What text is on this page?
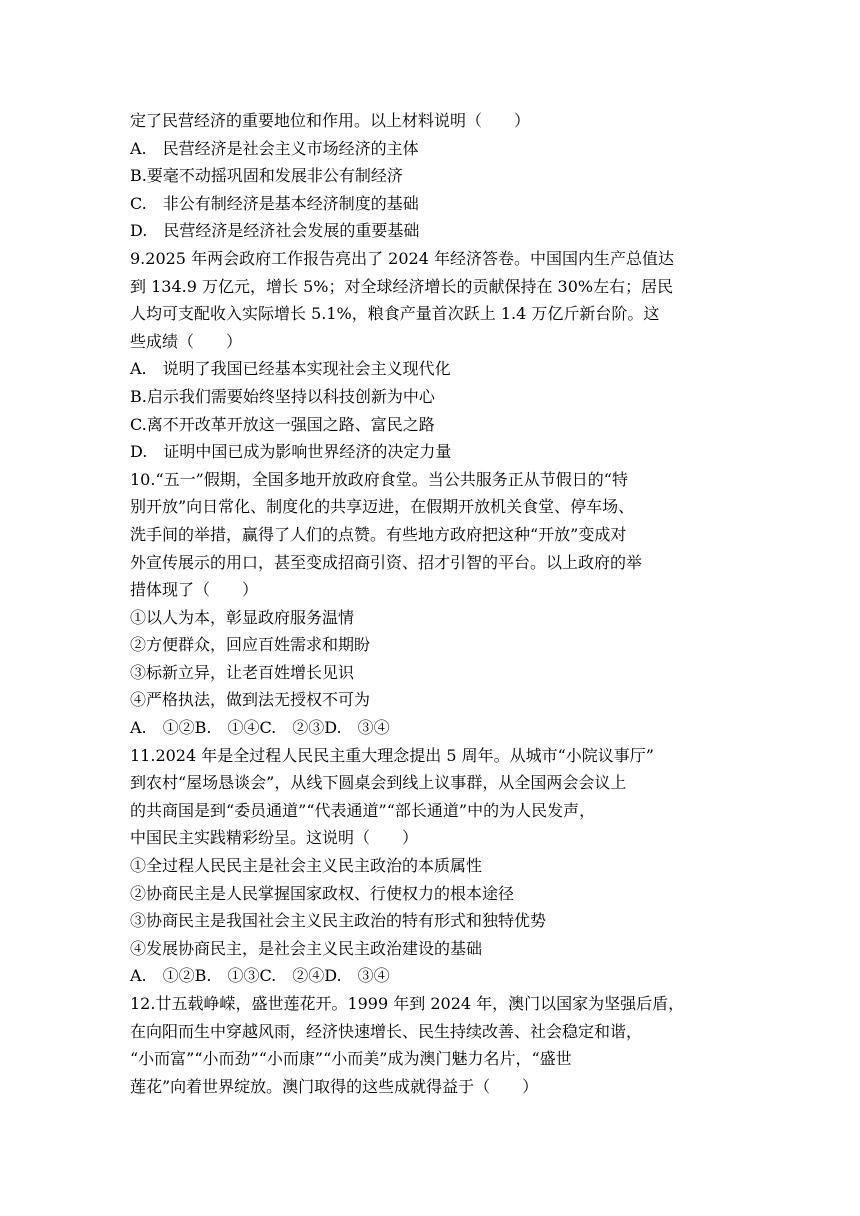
定了民营经济的重要地位和作用。以上材料说明（　　）
A.　民营经济是社会主义市场经济的主体
B.要毫不动摇巩固和发展非公有制经济
C.　非公有制经济是基本经济制度的基础
D.　民营经济是经济社会发展的重要基础
9.2025 年两会政府工作报告亮出了 2024 年经济答卷。中国国内生产总值达
到 134.9 万亿元，增长 5%；对全球经济增长的贡献保持在 30%左右；居民
人均可支配收入实际增长 5.1%，粮食产量首次跃上 1.4 万亿斤新台阶。这
些成绩（　　）
A.　说明了我国已经基本实现社会主义现代化
B.启示我们需要始终坚持以科技创新为中心
C.离不开改革开放这一强国之路、富民之路
D.　证明中国已成为影响世界经济的决定力量
10.“五一”假期，全国多地开放政府食堂。当公共服务正从节假日的“特
别开放”向日常化、制度化的共享迈进，在假期开放机关食堂、停车场、
洗手间的举措，赢得了人们的点赞。有些地方政府把这种“开放”变成对
外宣传展示的用口，甚至变成招商引资、招才引智的平台。以上政府的举
措体现了（　　）
①以人为本，彰显政府服务温情
②方便群众，回应百姓需求和期盼
③标新立异，让老百姓增长见识
④严格执法，做到法无授权不可为
A.　①②B.　①④C.　②③D.　③④
11.2024 年是全过程人民民主重大理念提出 5 周年。从城市“小院议事厅”
到农村“屋场恳谈会”，从线下圆桌会到线上议事群，从全国两会会议上
的共商国是到“委员通道”“代表通道”“部长通道”中的为人民发声，
中国民主实践精彩纷呈。这说明（　　）
①全过程人民民主是社会主义民主政治的本质属性
②协商民主是人民掌握国家政权、行使权力的根本途径
③协商民主是我国社会主义民主政治的特有形式和独特优势
④发展协商民主，是社会主义民主政治建设的基础
A.　①②B.　①③C.　②④D.　③④
12.廿五载峥嵘，盛世莲花开。1999 年到 2024 年，澳门以国家为坚强后盾，
在向阳而生中穿越风雨，经济快速增长、民生持续改善、社会稳定和谐，
“小而富”“小而劲”“小而康”“小而美”成为澳门魅力名片，“盛世
莲花”向着世界绽放。澳门取得的这些成就得益于（　　）
